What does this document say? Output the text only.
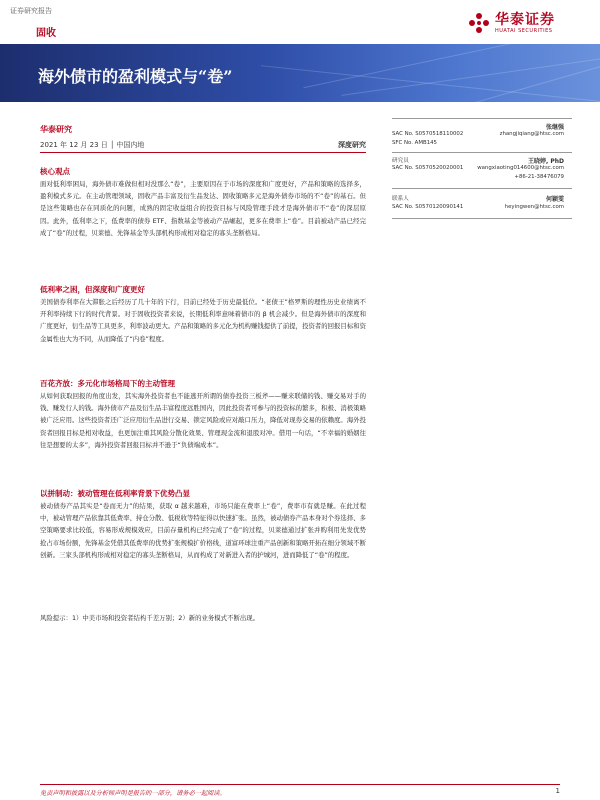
证券研究报告
华泰证券
HUATAI SECURITIES
固收
海外债市的盈利模式与“卷”
华泰研究
2021 年 12 月 23 日 │ 中国内地	深度研究
张继强
SAC No. S0570518110002	zhangjiqiang@htsc.com
SFC No. AMB145
研究员	王晓婷, PhD
SAC No. S0570520020001	wangxiaoting014600@htsc.com
+86-21-38476079
联系人	何颖雯
SAC No. S0570120090141	heyingwen@htsc.com
核心观点
面对低利率困局，海外债市难做但相对没那么“卷”，主要原因在于市场的深度和广度更好，产品和策略的选择多，盈利模式多元。在主动管理领域，固收产品丰富及衍生品发达、固收策略多元是海外债券市场的不“卷”的基石。但是这些策略也存在同质化的问题，成熟的固定收益组合的投资目标与风险管理手段才是海外债市不“卷”的深层原因。此外，低利率之下，低费率的债券 ETF、指数基金等被动产品崛起，更多在费率上“卷”。目前被动产品已经完成了“卷”的过程，贝莱德、先锋基金等头部机构形成相对稳定的寡头垄断格局。
低利率之困，但深度和广度更好
美国债券利率在大滞胀之后经历了几十年的下行，目前已经处于历史最低位。“老债王”格罗斯的理性历史业绩离不开利率持续下行的时代背景。对于固收投资者来说，长期低利率意味着债市的 β 机会减少。但是海外债市的深度和广度更好，衍生品等工具更多，利率波动更大。产品和策略的多元化为机构赚钱提供了前提，投资者的回报目标和资金属性也大为不同，从而降低了“内卷”程度。
百花齐放：多元化市场格局下的主动管理
从如何获取回报的角度出发，其实海外投资者也不能逃开所谓的债券投资三板斧——赚来联储的钱、赚交易对手的钱、赚发行人的钱。海外债市产品及衍生品丰富程度远胜国内，因此投资者可参与的投资标的繁多，积极、消极策略被广泛应用。这些投资者还广泛应用衍生品进行交易、锁定风险或应对敲口压力，降低对现券交易的依赖度。海外投资者回报目标是相对收益，也更加注重其风险分散化效果、管理现金流和退股对冲。借用一句话，“不幸福的婚姻往往是想要的太多”，海外投资者回报目标并不逊于“负债端成本”。
以拼制动：被动管理在低利率背景下优势凸显
被动债券产品其实是“卷而无力”的结果，获取 α 越来越难，市场只能在费率上“卷”，费率市有就是赚。在此过程中，被动管理产品依靠其低费率、持仓分散、低税收等特征得以快速扩张。虽然，被动债券产品本身对个券选择、多空策略要求比较低，容易形成规模效应，目前存量机构已经完成了“卷”的过程，贝莱德通过扩张并购利用先发优势抢占市场份额，先锋基金凭借其低费率的优势扩张规模扩价格线，道富环球注重产品创新和策略开拓在细分领域不断创新。三家头部机构形成相对稳定的寡头垄断格局，从而构成了对新进入者的护城河，进而降低了“卷”的程度。
风险提示：1）中美市场和投资者结构千差万别；2）新的业务模式不断出现。
免责声明和披露以及分析师声明是报告的一部分，请务必一起阅读。	1
